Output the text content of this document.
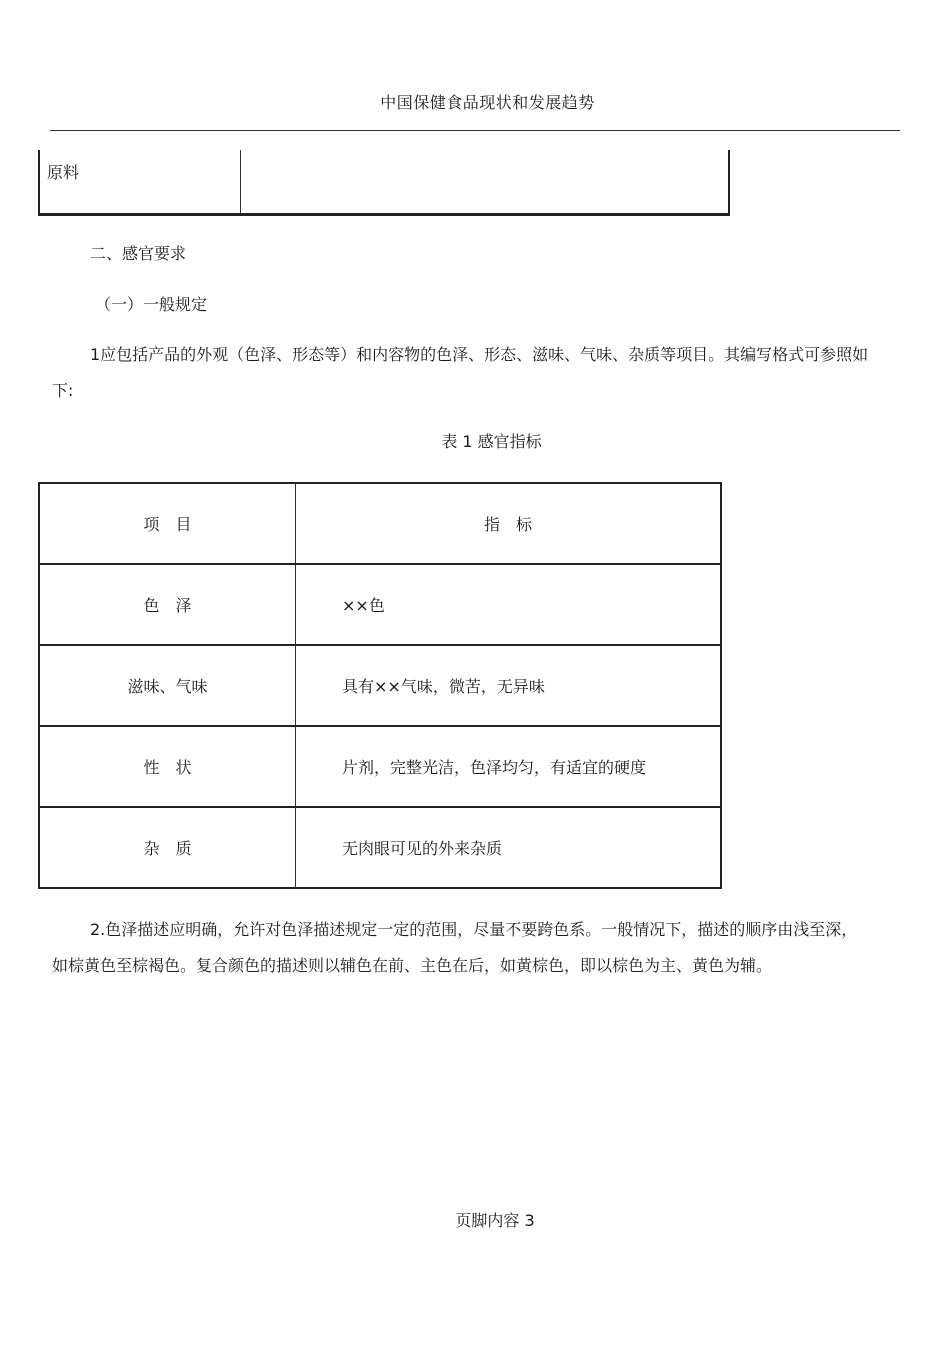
中国保健食品现状和发展趋势
原料
二、感官要求
（一）一般规定
1应包括产品的外观（色泽、形态等）和内容物的色泽、形态、滋味、气味、杂质等项目。其编写格式可参照如下:
表 1 感官指标
项　目	指　标
色　泽	××色
滋味、气味	具有××气味，微苦，无异味
性　状	片剂，完整光洁，色泽均匀，有适宜的硬度
杂　质	无肉眼可见的外来杂质
2.色泽描述应明确，允许对色泽描述规定一定的范围，尽量不要跨色系。一般情况下，描述的顺序由浅至深，如棕黄色至棕褐色。复合颜色的描述则以辅色在前、主色在后，如黄棕色，即以棕色为主、黄色为辅。
页脚内容 3
